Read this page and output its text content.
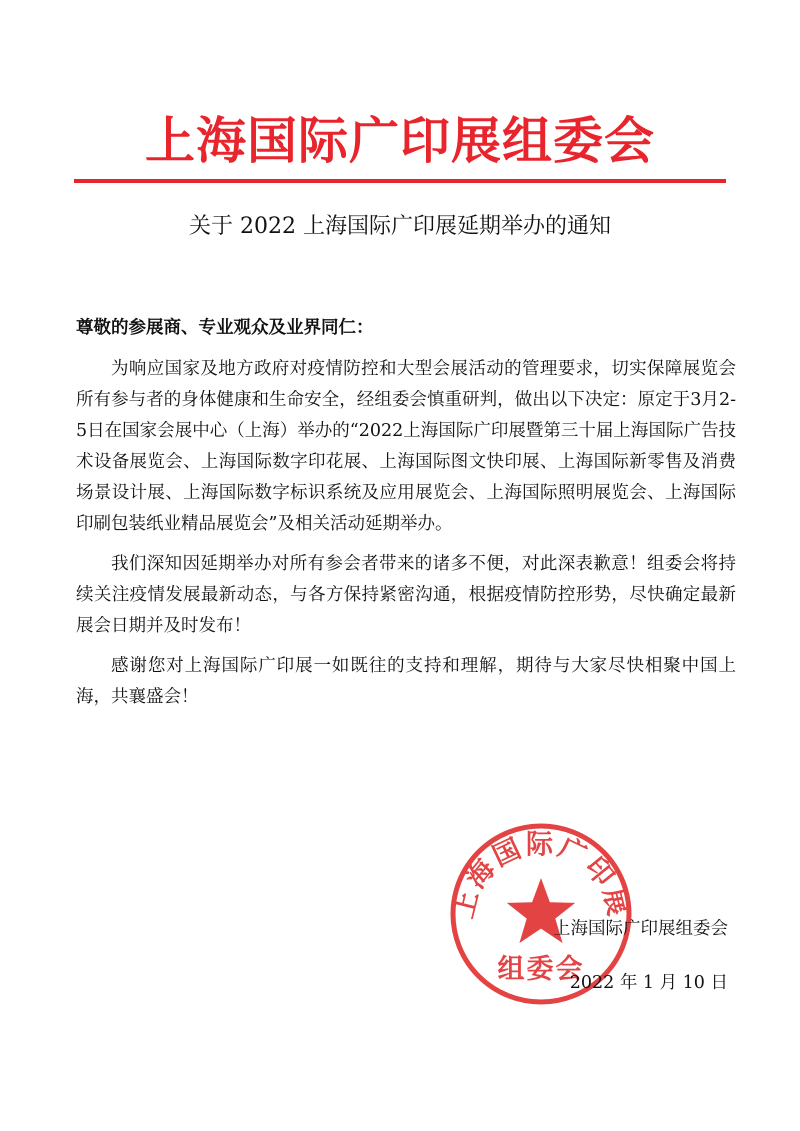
上海国际广印展组委会
关于 2022 上海国际广印展延期举办的通知

尊敬的参展商、专业观众及业界同仁：

为响应国家及地方政府对疫情防控和大型会展活动的管理要求，切实保障展览会所有参与者的身体健康和生命安全，经组委会慎重研判，做出以下决定：原定于3月2-5日在国家会展中心（上海）举办的“2022上海国际广印展暨第三十届上海国际广告技术设备展览会、上海国际数字印花展、上海国际图文快印展、上海国际新零售及消费场景设计展、上海国际数字标识系统及应用展览会、上海国际照明展览会、上海国际印刷包装纸业精品展览会”及相关活动延期举办。

我们深知因延期举办对所有参会者带来的诸多不便，对此深表歉意！组委会将持续关注疫情发展最新动态，与各方保持紧密沟通，根据疫情防控形势，尽快确定最新展会日期并及时发布！

感谢您对上海国际广印展一如既往的支持和理解，期待与大家尽快相聚中国上海，共襄盛会！

上海国际广印展
组委会
上海国际广印展组委会
2022 年 1 月 10 日
